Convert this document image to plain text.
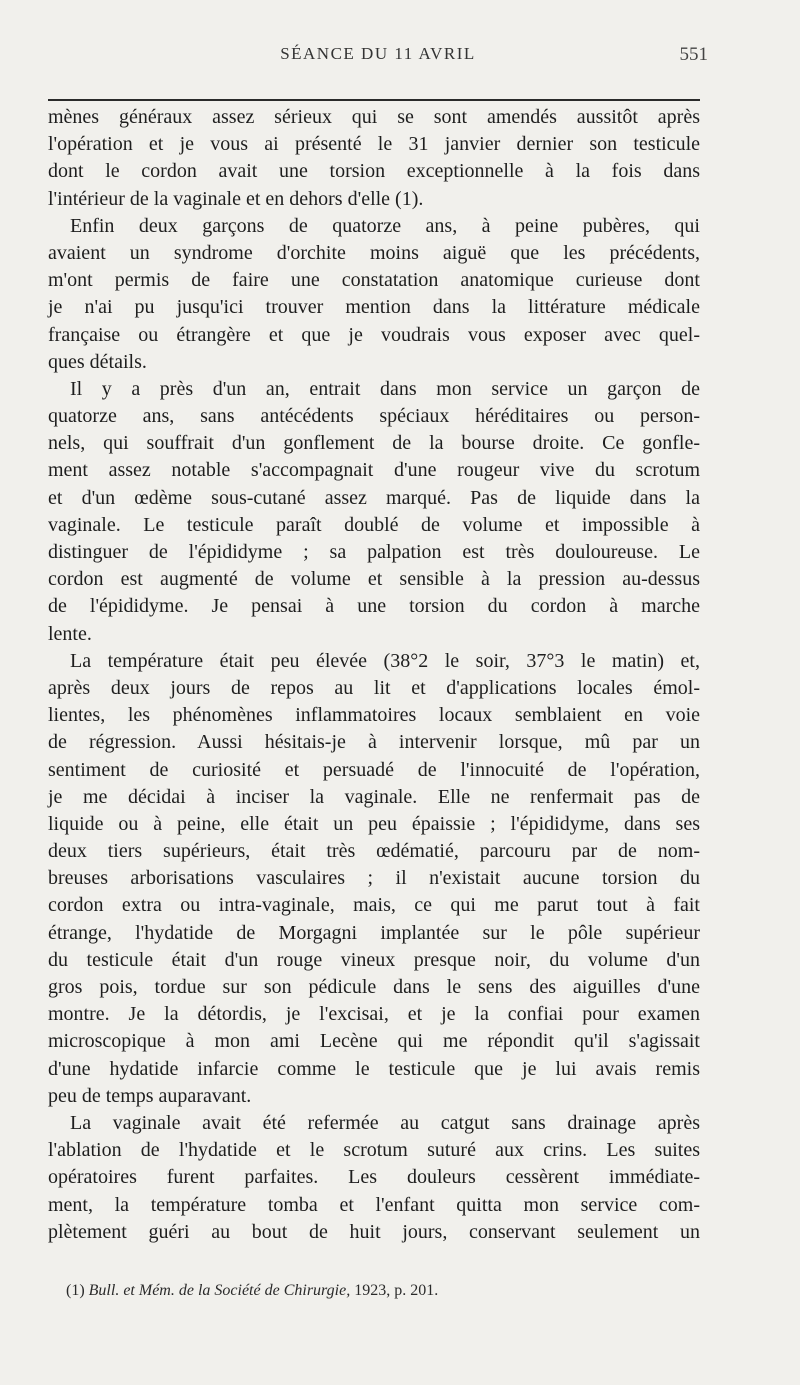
SÉANCE DU 11 AVRIL	551
mènes généraux assez sérieux qui se sont amendés aussitôt après
l'opération et je vous ai présenté le 31 janvier dernier son testicule
dont le cordon avait une torsion exceptionnelle à la fois dans
l'intérieur de la vaginale et en dehors d'elle (1).
Enfin deux garçons de quatorze ans, à peine pubères, qui
avaient un syndrome d'orchite moins aiguë que les précédents,
m'ont permis de faire une constatation anatomique curieuse dont
je n'ai pu jusqu'ici trouver mention dans la littérature médicale
française ou étrangère et que je voudrais vous exposer avec quel-
ques détails.
Il y a près d'un an, entrait dans mon service un garçon de
quatorze ans, sans antécédents spéciaux héréditaires ou person-
nels, qui souffrait d'un gonflement de la bourse droite. Ce gonfle-
ment assez notable s'accompagnait d'une rougeur vive du scrotum
et d'un œdème sous-cutané assez marqué. Pas de liquide dans la
vaginale. Le testicule paraît doublé de volume et impossible à
distinguer de l'épididyme ; sa palpation est très douloureuse. Le
cordon est augmenté de volume et sensible à la pression au-dessus
de l'épididyme. Je pensai à une torsion du cordon à marche
lente.
La température était peu élevée (38°2 le soir, 37°3 le matin) et,
après deux jours de repos au lit et d'applications locales émol-
lientes, les phénomènes inflammatoires locaux semblaient en voie
de régression. Aussi hésitais-je à intervenir lorsque, mû par un
sentiment de curiosité et persuadé de l'innocuité de l'opération,
je me décidai à inciser la vaginale. Elle ne renfermait pas de
liquide ou à peine, elle était un peu épaissie ; l'épididyme, dans ses
deux tiers supérieurs, était très œdématié, parcouru par de nom-
breuses arborisations vasculaires ; il n'existait aucune torsion du
cordon extra ou intra-vaginale, mais, ce qui me parut tout à fait
étrange, l'hydatide de Morgagni implantée sur le pôle supérieur
du testicule était d'un rouge vineux presque noir, du volume d'un
gros pois, tordue sur son pédicule dans le sens des aiguilles d'une
montre. Je la détordis, je l'excisai, et je la confiai pour examen
microscopique à mon ami Lecène qui me répondit qu'il s'agissait
d'une hydatide infarcie comme le testicule que je lui avais remis
peu de temps auparavant.
La vaginale avait été refermée au catgut sans drainage après
l'ablation de l'hydatide et le scrotum suturé aux crins. Les suites
opératoires furent parfaites. Les douleurs cessèrent immédiate-
ment, la température tomba et l'enfant quitta mon service com-
plètement guéri au bout de huit jours, conservant seulement un
(1) Bull. et Mém. de la Société de Chirurgie, 1923, p. 201.
